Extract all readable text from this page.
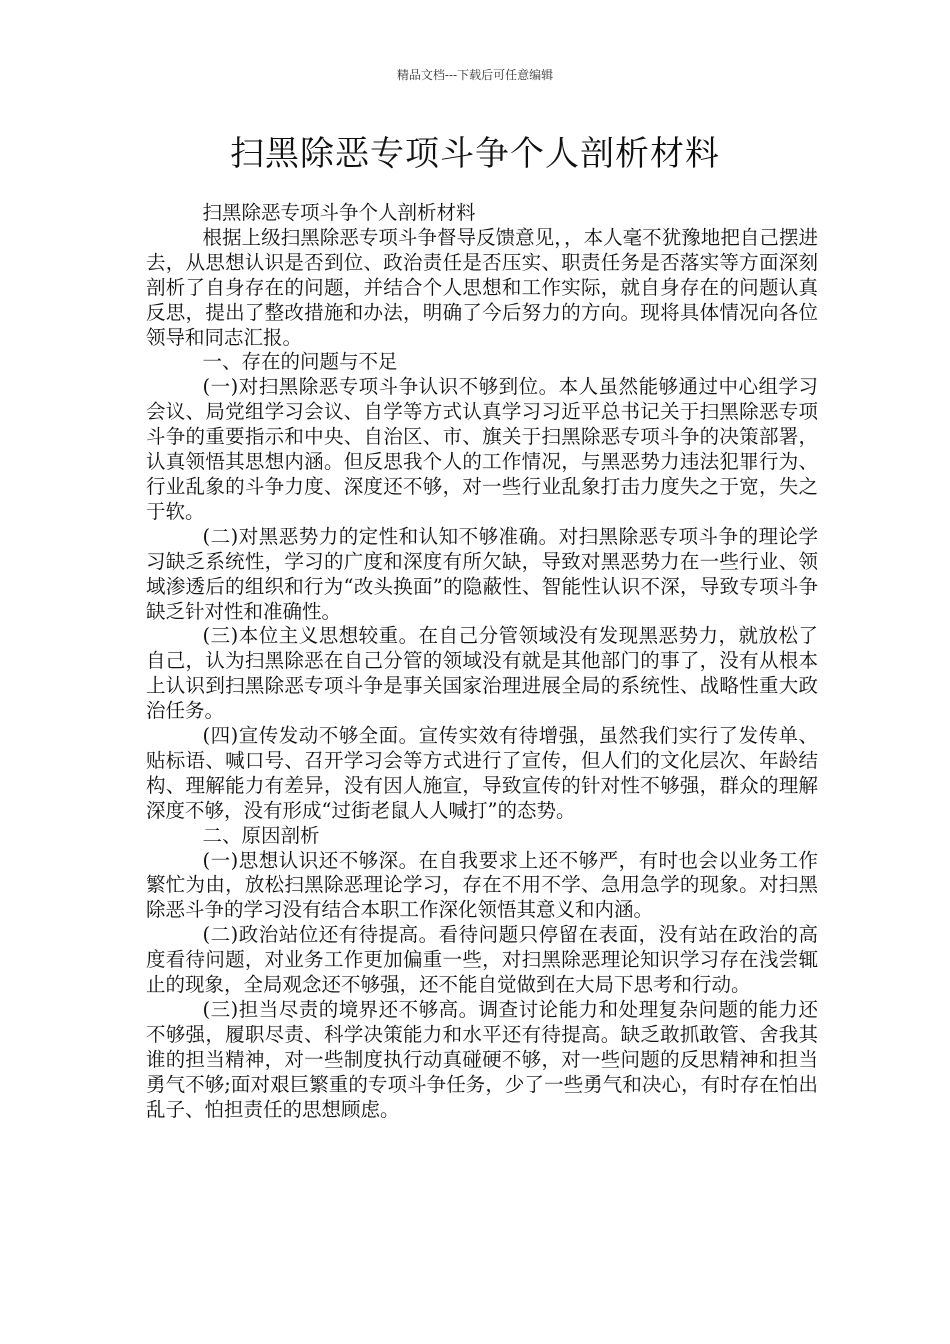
精品文档---下载后可任意编辑
扫黑除恶专项斗争个人剖析材料

扫黑除恶专项斗争个人剖析材料

根据上级扫黑除恶专项斗争督导反馈意见，，本人毫不犹豫地把自己摆进去，从思想认识是否到位、政治责任是否压实、职责任务是否落实等方面深刻剖析了自身存在的问题，并结合个人思想和工作实际，就自身存在的问题认真反思，提出了整改措施和办法，明确了今后努力的方向。现将具体情况向各位领导和同志汇报。

一、存在的问题与不足

(一)对扫黑除恶专项斗争认识不够到位。本人虽然能够通过中心组学习会议、局党组学习会议、自学等方式认真学习习近平总书记关于扫黑除恶专项斗争的重要指示和中央、自治区、市、旗关于扫黑除恶专项斗争的决策部署，认真领悟其思想内涵。但反思我个人的工作情况，与黑恶势力违法犯罪行为、行业乱象的斗争力度、深度还不够，对一些行业乱象打击力度失之于宽，失之于软。

(二)对黑恶势力的定性和认知不够准确。对扫黑除恶专项斗争的理论学习缺乏系统性，学习的广度和深度有所欠缺，导致对黑恶势力在一些行业、领域渗透后的组织和行为“改头换面”的隐蔽性、智能性认识不深，导致专项斗争缺乏针对性和准确性。

(三)本位主义思想较重。在自己分管领域没有发现黑恶势力，就放松了自己，认为扫黑除恶在自己分管的领域没有就是其他部门的事了，没有从根本上认识到扫黑除恶专项斗争是事关国家治理进展全局的系统性、战略性重大政治任务。

(四)宣传发动不够全面。宣传实效有待增强，虽然我们实行了发传单、贴标语、喊口号、召开学习会等方式进行了宣传，但人们的文化层次、年龄结构、理解能力有差异，没有因人施宣，导致宣传的针对性不够强，群众的理解深度不够，没有形成“过街老鼠人人喊打”的态势。

二、原因剖析

(一)思想认识还不够深。在自我要求上还不够严，有时也会以业务工作繁忙为由，放松扫黑除恶理论学习，存在不用不学、急用急学的现象。对扫黑除恶斗争的学习没有结合本职工作深化领悟其意义和内涵。

(二)政治站位还有待提高。看待问题只停留在表面，没有站在政治的高度看待问题，对业务工作更加偏重一些，对扫黑除恶理论知识学习存在浅尝辄止的现象，全局观念还不够强，还不能自觉做到在大局下思考和行动。

(三)担当尽责的境界还不够高。调查讨论能力和处理复杂问题的能力还不够强，履职尽责、科学决策能力和水平还有待提高。缺乏敢抓敢管、舍我其谁的担当精神，对一些制度执行动真碰硬不够，对一些问题的反思精神和担当勇气不够;面对艰巨繁重的专项斗争任务，少了一些勇气和决心，有时存在怕出乱子、怕担责任的思想顾虑。
